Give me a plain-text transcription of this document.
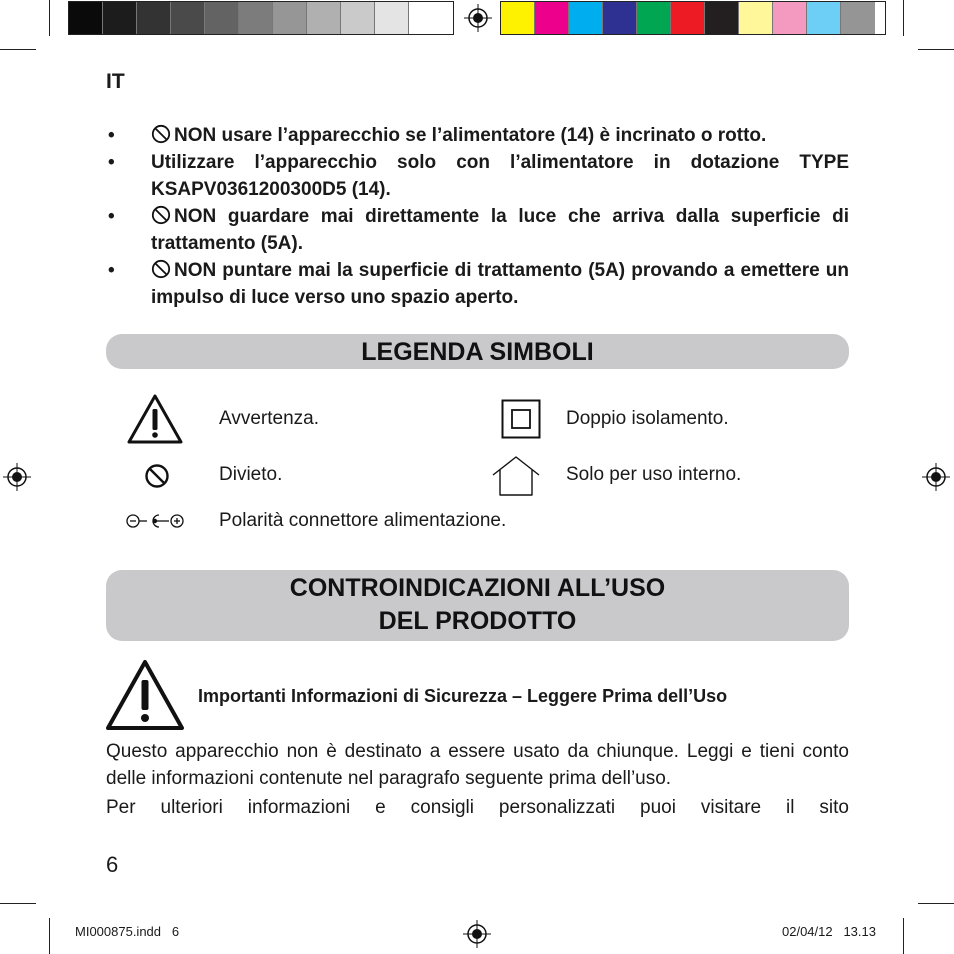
IT
•	NON usare l’apparecchio se l’alimentatore (14) è incrinato o rotto.
• Utilizzare l’apparecchio solo con l’alimentatore in dotazione TYPE KSAPV0361200300D5 (14).
•	NON guardare mai direttamente la luce che arriva dalla superficie di trattamento (5A).
•	NON puntare mai la superficie di trattamento (5A) provando a emettere un impulso di luce verso uno spazio aperto.
LEGENDA SIMBOLI
Avvertenza.	Doppio isolamento.
Divieto.	Solo per uso interno.
Polarità connettore alimentazione.
CONTROINDICAZIONI ALL’USO
DEL PRODOTTO
Importanti Informazioni di Sicurezza – Leggere Prima dell’Uso
Questo apparecchio non è destinato a essere usato da chiunque. Leggi e tieni conto delle informazioni contenute nel paragrafo seguente prima dell’uso.
Per ulteriori informazioni e consigli personalizzati puoi visitare il sito
6
MI000875.indd   6	02/04/12   13.13
